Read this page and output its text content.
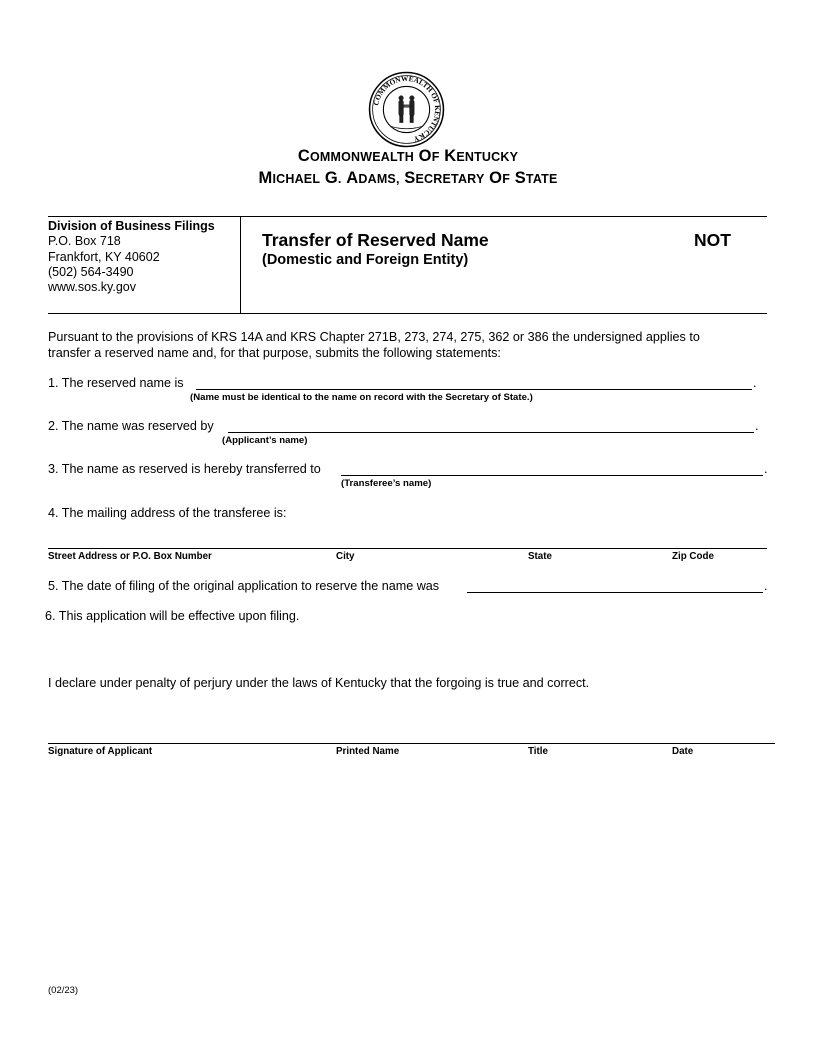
COMMONWEALTH OF KENTUCKY
COMMONWEALTH OF KENTUCKY
MICHAEL G. ADAMS, SECRETARY OF STATE
Division of Business Filings
P.O. Box 718
Frankfort, KY 40602
(502) 564-3490
www.sos.ky.gov
Transfer of Reserved Name
(Domestic and Foreign Entity)
NOT
Pursuant to the provisions of KRS 14A and KRS Chapter 271B, 273, 274, 275, 362 or 386 the undersigned applies to
transfer a reserved name and, for that purpose, submits the following statements:
1. The reserved name is	.
(Name must be identical to the name on record with the Secretary of State.)
2. The name was reserved by	.
(Applicant’s name)
3. The name as reserved is hereby transferred to	.
(Transferee’s name)
4. The mailing address of the transferee is:
Street Address or P.O. Box Number	City	State	Zip Code
5. The date of filing of the original application to reserve the name was	.
6. This application will be effective upon filing.
I declare under penalty of perjury under the laws of Kentucky that the forgoing is true and correct.
Signature of Applicant	Printed Name	Title	Date
(02/23)
